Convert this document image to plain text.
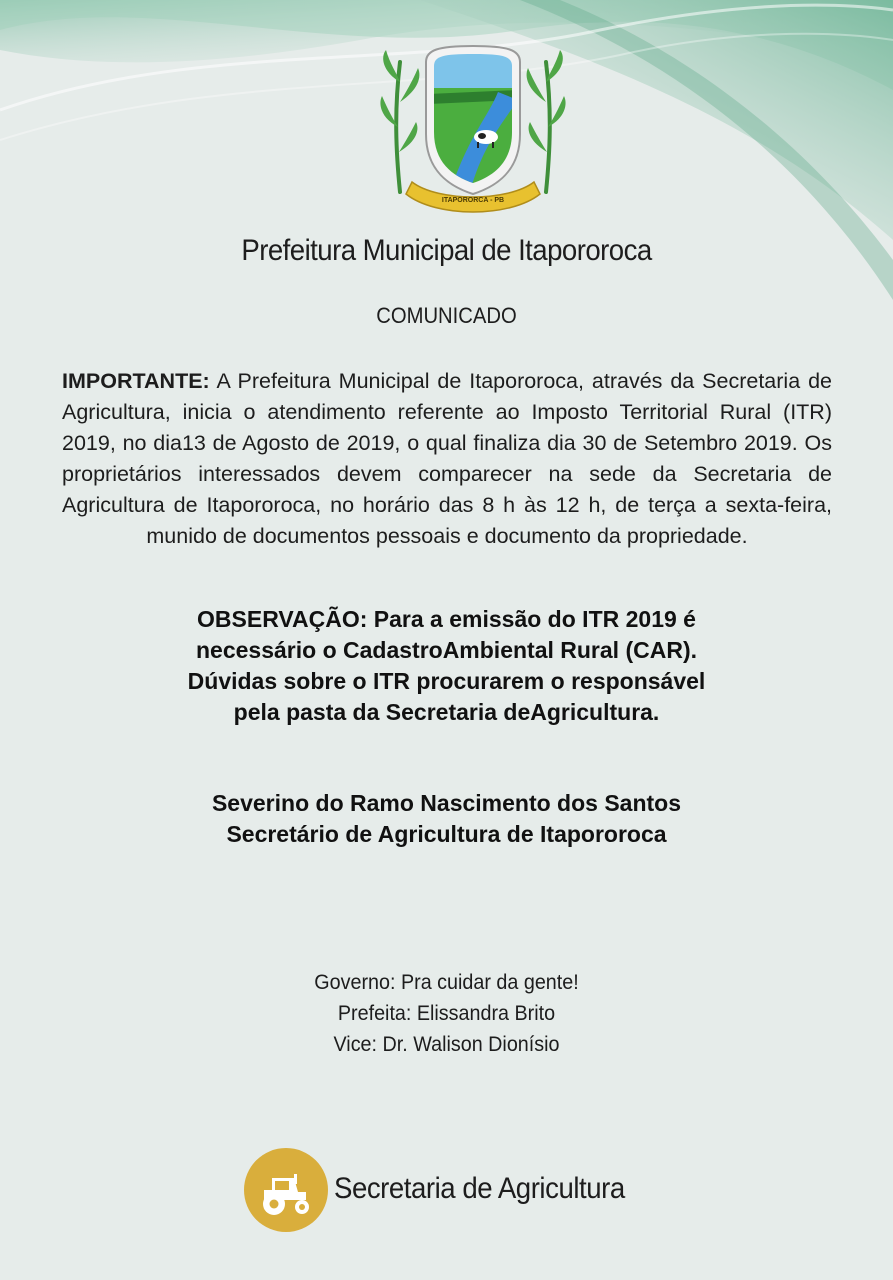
ITAPORORCA - PB
Prefeitura Municipal de Itapororoca
COMUNICADO
IMPORTANTE: A Prefeitura Municipal de Itapororoca, através da Secretaria de Agricultura, inicia o atendimento referente ao Imposto Territorial Rural (ITR) 2019, no dia13 de Agosto de 2019, o qual finaliza dia 30 de Setembro 2019. Os proprietários interessados devem comparecer na sede da Secretaria de Agricultura de Itapororoca, no horário das 8 h às 12 h, de terça a sexta-feira, munido de documentos pessoais e documento da propriedade.
OBSERVAÇÃO: Para a emissão do ITR 2019 é
necessário o CadastroAmbiental Rural (CAR).
Dúvidas sobre o ITR procurarem o responsável
pela pasta da Secretaria deAgricultura.
Severino do Ramo Nascimento dos Santos
Secretário de Agricultura de Itapororoca
Governo: Pra cuidar da gente!
Prefeita: Elissandra Brito
Vice: Dr. Walison Dionísio
Secretaria de Agricultura
